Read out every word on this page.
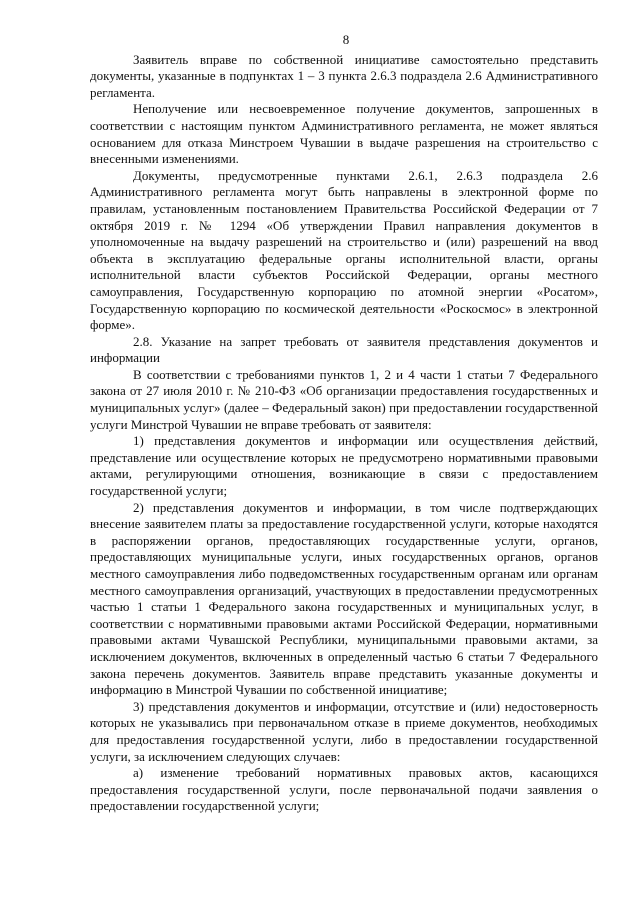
8

Заявитель вправе по собственной инициативе самостоятельно представить документы, указанные в подпунктах 1 – 3 пункта 2.6.3 подраздела 2.6 Административного регламента.

Неполучение или несвоевременное получение документов, запрошенных в соответствии с настоящим пунктом Административного регламента, не может являться основанием для отказа Минстроем Чувашии в выдаче разрешения на строительство с внесенными изменениями.

Документы, предусмотренные пунктами 2.6.1, 2.6.3 подраздела 2.6 Административного регламента могут быть направлены в электронной форме по правилам, установленным постановлением Правительства Российской Федерации от 7 октября 2019 г. № 1294 «Об утверждении Правил направления документов в уполномоченные на выдачу разрешений на строительство и (или) разрешений на ввод объекта в эксплуатацию федеральные органы исполнительной власти, органы исполнительной власти субъектов Российской Федерации, органы местного самоуправления, Государственную корпорацию по атомной энергии «Росатом», Государственную корпорацию по космической деятельности «Роскосмос» в электронной форме».

2.8. Указание на запрет требовать от заявителя представления документов и информации

В соответствии с требованиями пунктов 1, 2 и 4 части 1 статьи 7 Федерального закона от 27 июля 2010 г. № 210-ФЗ «Об организации предоставления государственных и муниципальных услуг» (далее – Федеральный закон) при предоставлении государственной услуги Минстрой Чувашии не вправе требовать от заявителя:

1) представления документов и информации или осуществления действий, представление или осуществление которых не предусмотрено нормативными правовыми актами, регулирующими отношения, возникающие в связи с предоставлением государственной услуги;

2) представления документов и информации, в том числе подтверждающих внесение заявителем платы за предоставление государственной услуги, которые находятся в распоряжении органов, предоставляющих государственные услуги, органов, предоставляющих муниципальные услуги, иных государственных органов, органов местного самоуправления либо подведомственных государственным органам или органам местного самоуправления организаций, участвующих в предоставлении предусмотренных частью 1 статьи 1 Федерального закона государственных и муниципальных услуг, в соответствии с нормативными правовыми актами Российской Федерации, нормативными правовыми актами Чувашской Республики, муниципальными правовыми актами, за исключением документов, включенных в определенный частью 6 статьи 7 Федерального закона перечень документов. Заявитель вправе представить указанные документы и информацию в Минстрой Чувашии по собственной инициативе;

3) представления документов и информации, отсутствие и (или) недостоверность которых не указывались при первоначальном отказе в приеме документов, необходимых для предоставления государственной услуги, либо в предоставлении государственной услуги, за исключением следующих случаев:

а) изменение требований нормативных правовых актов, касающихся предоставления государственной услуги, после первоначальной подачи заявления о предоставлении государственной услуги;
